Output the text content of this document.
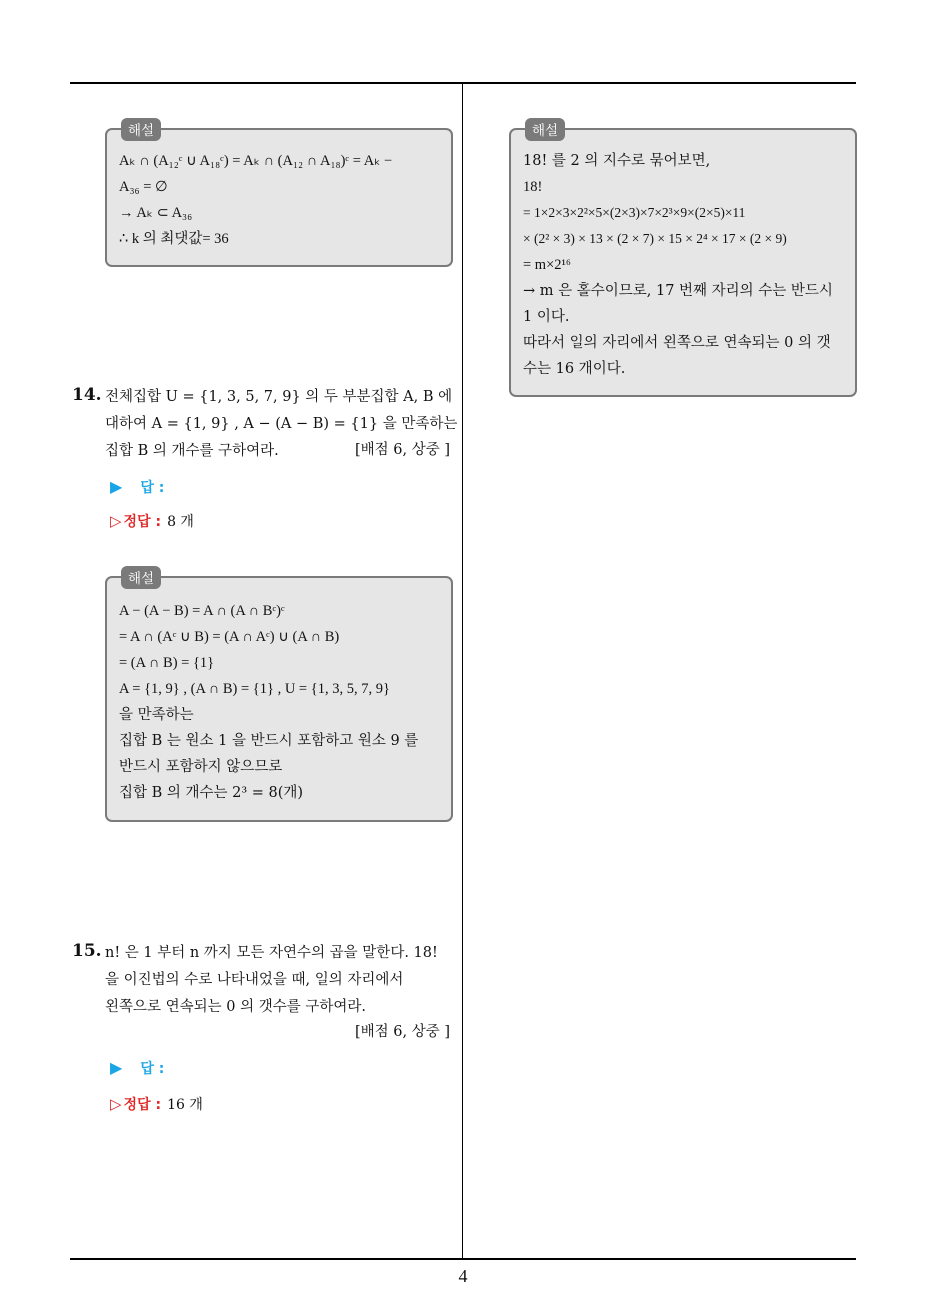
해설
Aₖ ∩ (A₁₂ᶜ ∪ A₁₈ᶜ) = Aₖ ∩ (A₁₂ ∩ A₁₈)ᶜ = Aₖ −
A₃₆ = ∅
→ Aₖ ⊂ A₃₆
∴ k 의 최댓값= 36
14. 전체집합 U = {1, 3, 5, 7, 9} 의 두 부분집합 A, B 에
대하여 A = {1, 9} , A − (A − B) = {1} 을 만족하는
집합 B 의 개수를 구하여라.	[배점 6, 상중 ]
▶ 답 :
▷ 정답 : 8 개
해설
A − (A − B) = A ∩ (A ∩ Bᶜ)ᶜ
= A ∩ (Aᶜ ∪ B) = (A ∩ Aᶜ) ∪ (A ∩ B)
= (A ∩ B) = {1}
A = {1, 9} , (A ∩ B) = {1} , U = {1, 3, 5, 7, 9}
을 만족하는
집합 B 는 원소 1 을 반드시 포함하고 원소 9 를
반드시 포함하지 않으므로
집합 B 의 개수는 2³ = 8(개)
15. n! 은 1 부터 n 까지 모든 자연수의 곱을 말한다. 18!
을 이진법의 수로 나타내었을 때, 일의 자리에서
왼쪽으로 연속되는 0 의 갯수를 구하여라.
[배점 6, 상중 ]
▶ 답 :
▷ 정답 : 16 개
해설
18! 를 2 의 지수로 묶어보면,
18!
= 1×2×3×2²×5×(2×3)×7×2³×9×(2×5)×11
× (2² × 3) × 13 × (2 × 7) × 15 × 2⁴ × 17 × (2 × 9)
= m×2¹⁶
→ m 은 홀수이므로, 17 번째 자리의 수는 반드시
1 이다.
따라서 일의 자리에서 왼쪽으로 연속되는 0 의 갯
수는 16 개이다.
4
